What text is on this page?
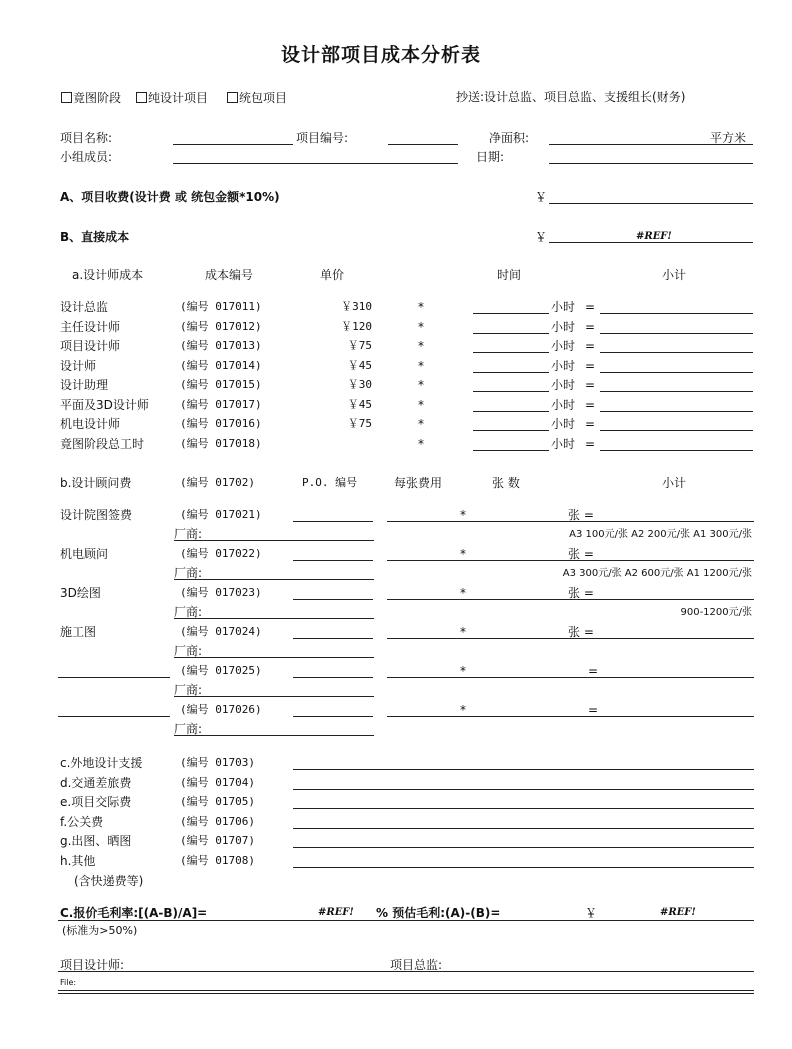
设计部项目成本分析表
竟图阶段	纯设计项目	统包项目	抄送:设计总监、项目总监、支援组长(财务)
项目名称:	项目编号:	净面积:	平方米
小组成员:	日期:
A、项目收费(设计费 或 统包金额*10%)	￥
B、直接成本	￥	#REF!
a.设计师成本	成本编号	单价	时间	小计
设计总监	(编号 017011)	￥310	*	小时 =
主任设计师	(编号 017012)	￥120	*	小时 =
项目设计师	(编号 017013)	￥75	*	小时 =
设计师	(编号 017014)	￥45	*	小时 =
设计助理	(编号 017015)	￥30	*	小时 =
平面及3D设计师	(编号 017017)	￥45	*	小时 =
机电设计师	(编号 017016)	￥75	*	小时 =
竟图阶段总工时	(编号 017018)	*	小时 =
b.设计顾问费	(编号 01702)	P.O. 编号	每张费用	张 数	小计
设计院图签费	(编号 017021)	*	张 =
厂商:	A3 100元/张 A2 200元/张 A1 300元/张
机电顾问	(编号 017022)	*	张 =
厂商:	A3 300元/张 A2 600元/张 A1 1200元/张
3D绘图	(编号 017023)	*	张 =
厂商:	900-1200元/张
施工图	(编号 017024)	*	张 =
厂商:
(编号 017025)	*	=
厂商:
(编号 017026)	*	=
厂商:
c.外地设计支援	(编号 01703)
d.交通差旅费	(编号 01704)
e.项目交际费	(编号 01705)
f.公关费	(编号 01706)
g.出图、晒图	(编号 01707)
h.其他	(编号 01708)
(含快递费等)
C.报价毛利率:[(A-B)/A]=	#REF! % 预估毛利:(A)-(B)=	￥	#REF!
(标准为>50%)
项目设计师:	项目总监:
File:
